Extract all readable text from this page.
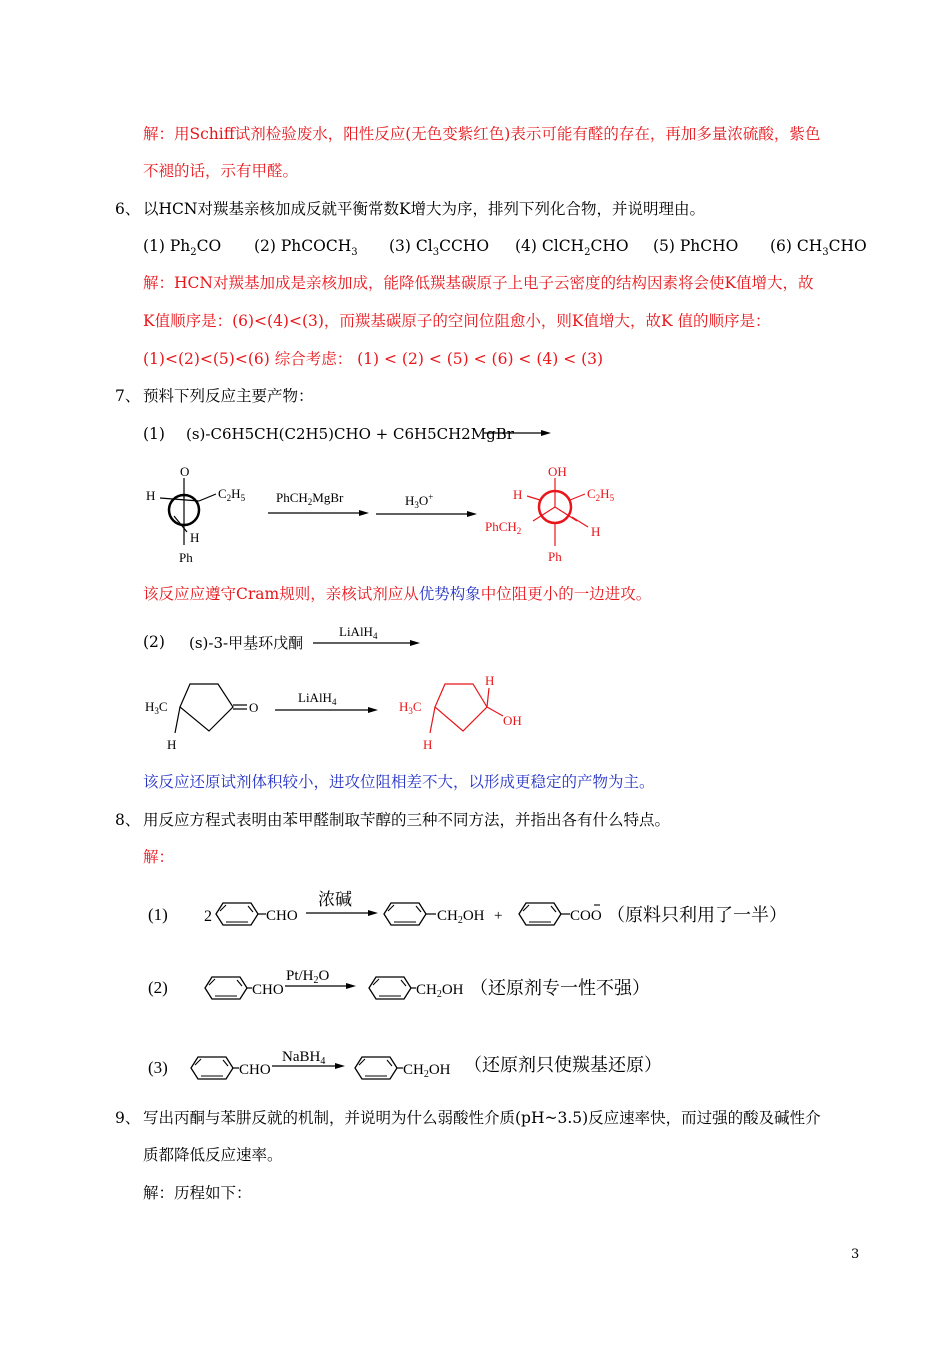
解：用Schiff试剂检验废水，阳性反应(无色变紫红色)表示可能有醛的存在，再加多量浓硫酸，紫色
不褪的话，示有甲醛。
6、 以HCN对羰基亲核加成反就平衡常数K增大为序，排列下列化合物，并说明理由。
(1) $Ph_2CO$ (2) PhCOCH$_3$ (3) $Cl_3CCHO$ (4) ClCH$_2$CHO (5) PhCHO (6) $CH_3CHO$
解：HCN对羰基加成是亲核加成，能降低羰基碳原子上电子云密度的结构因素将会使K值增大，故
K值顺序是：(6)<(4)<(3)，而羰基碳原子的空间位阻愈小，则K值增大，故K 值的顺序是：
(1)<(2)<(5)<(6) 综合考虑： (1) < (2) < (5) < (6) < (4) < (3)
7、 预料下列反应主要产物：
(1) (s)-C6H5CH(C2H5)CHO + C6H5CH2MgBr
O
H	$C_2H_5$
H
Ph
PhCH$_2$MgBr	$H_3O^+$
OH
H	$C_2H_5$
PhCH$_2$	H
Ph
该反应应遵守Cram规则，亲核试剂应从优势构象中位阻更小的一边进攻。
(2) (s)-3-甲基环戊酮
LiAlH$_4$
$H_3C$	O
H
LiAlH$_4$	$H_3C$
H
OH
H
该反应还原试剂体积较小，进攻位阻相差不大，以形成更稳定的产物为主。
8、 用反应方程式表明由苯甲醛制取苄醇的三种不同方法，并指出各有什么特点。
解：
(1) 2	CHO
浓碱
$CH_2OH$ +	COO （原料只利用了一半）
(2)	CHO
$Pt/H_2O$
$CH_2OH$ （还原剂专一性不强）
(3)	CHO
NaBH$_4$
$CH_2OH$ （还原剂只使羰基还原）
9、 写出丙酮与苯肼反就的机制，并说明为什么弱酸性介质(pH~3.5)反应速率快，而过强的酸及碱性介
质都降低反应速率。
解：历程如下：
3
